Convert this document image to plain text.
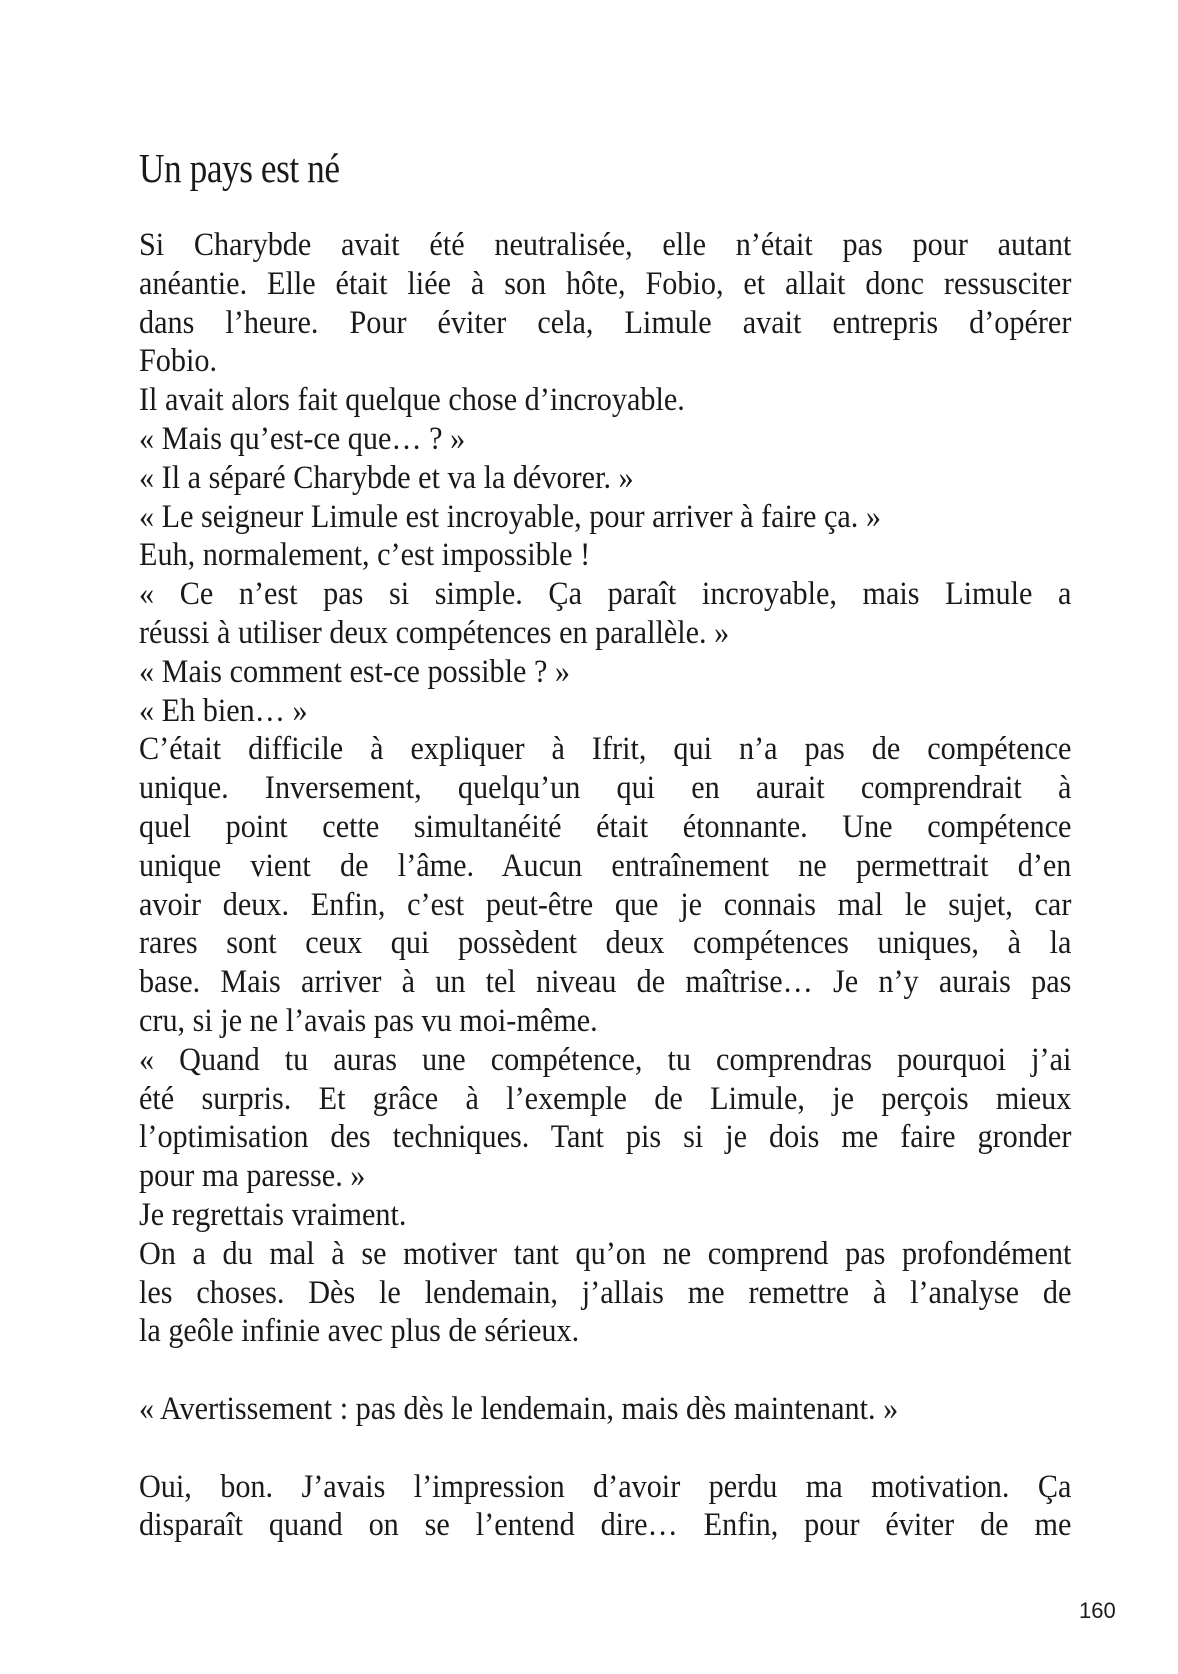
Un pays est né
Si Charybde avait été neutralisée, elle n’était pas pour autant
anéantie. Elle était liée à son hôte, Fobio, et allait donc ressusciter
dans l’heure. Pour éviter cela, Limule avait entrepris d’opérer
Fobio.
Il avait alors fait quelque chose d’incroyable.
« Mais qu’est-ce que… ? »
« Il a séparé Charybde et va la dévorer. »
« Le seigneur Limule est incroyable, pour arriver à faire ça. »
Euh, normalement, c’est impossible !
« Ce n’est pas si simple. Ça paraît incroyable, mais Limule a
réussi à utiliser deux compétences en parallèle. »
« Mais comment est-ce possible ? »
« Eh bien… »
C’était difficile à expliquer à Ifrit, qui n’a pas de compétence
unique. Inversement, quelqu’un qui en aurait comprendrait à
quel point cette simultanéité était étonnante. Une compétence
unique vient de l’âme. Aucun entraînement ne permettrait d’en
avoir deux. Enfin, c’est peut-être que je connais mal le sujet, car
rares sont ceux qui possèdent deux compétences uniques, à la
base. Mais arriver à un tel niveau de maîtrise… Je n’y aurais pas
cru, si je ne l’avais pas vu moi-même.
« Quand tu auras une compétence, tu comprendras pourquoi j’ai
été surpris. Et grâce à l’exemple de Limule, je perçois mieux
l’optimisation des techniques. Tant pis si je dois me faire gronder
pour ma paresse. »
Je regrettais vraiment.
On a du mal à se motiver tant qu’on ne comprend pas profondément
les choses. Dès le lendemain, j’allais me remettre à l’analyse de
la geôle infinie avec plus de sérieux.
« Avertissement : pas dès le lendemain, mais dès maintenant. »
Oui, bon. J’avais l’impression d’avoir perdu ma motivation. Ça
disparaît quand on se l’entend dire… Enfin, pour éviter de me
160
